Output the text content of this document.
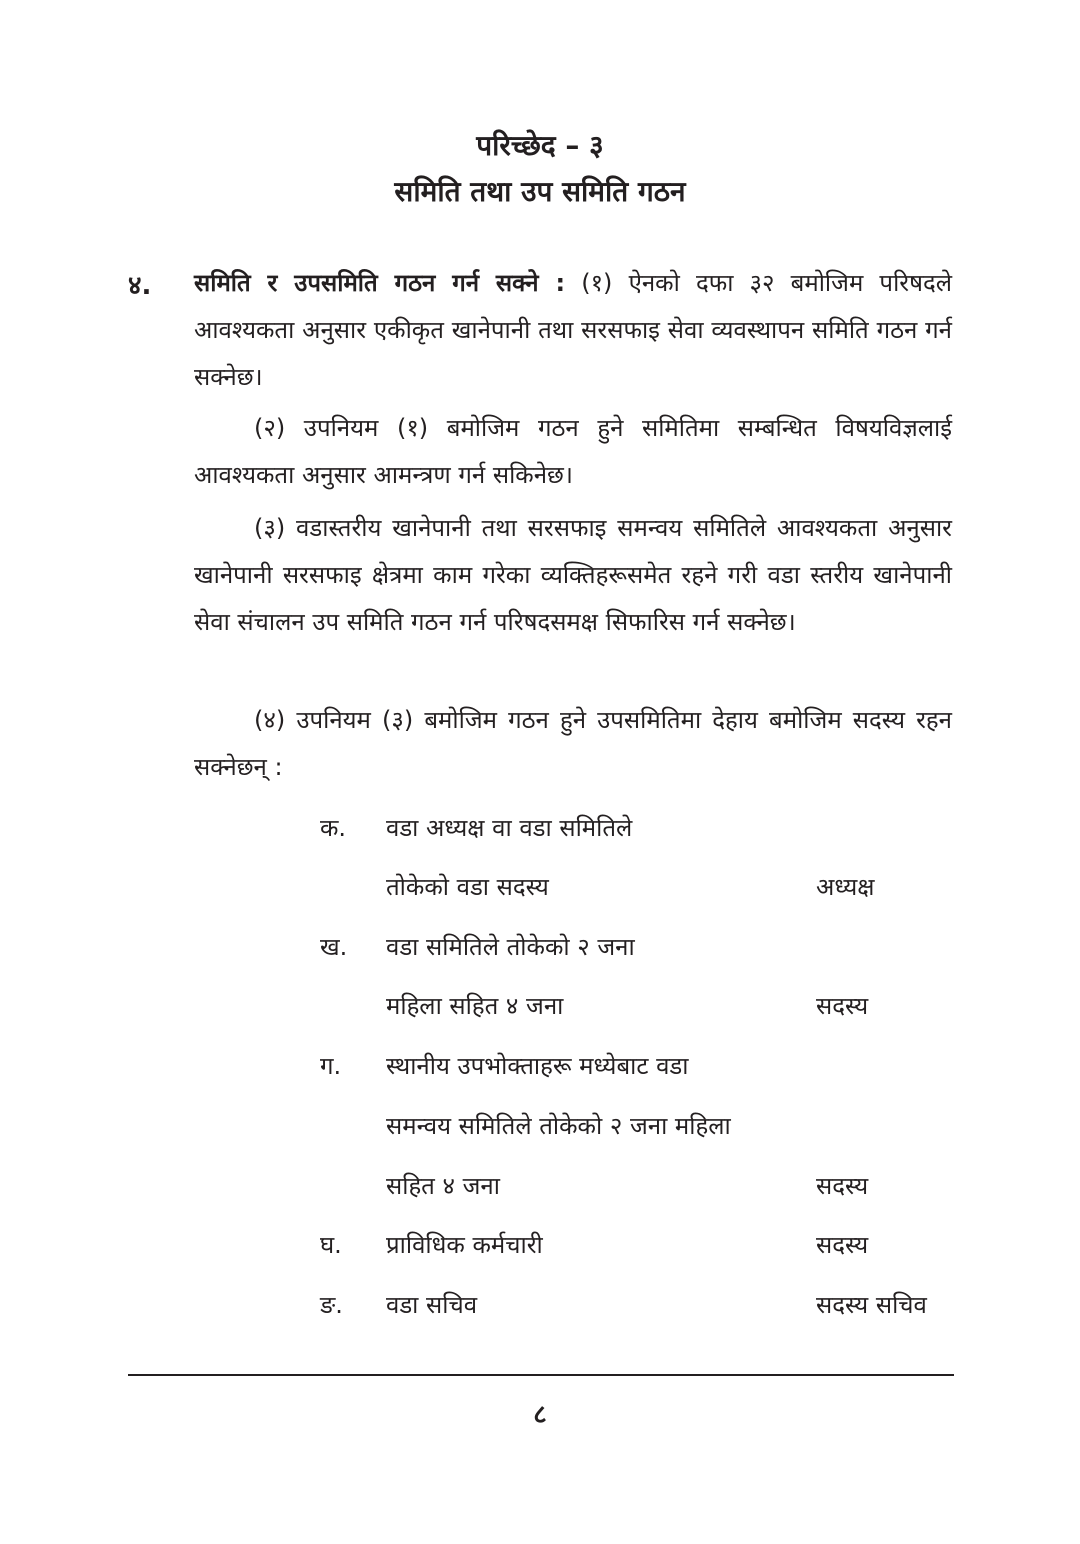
परिच्छेद – ३
समिति तथा उप समिति गठन
४. समिति र उपसमिति गठन गर्न सक्ने : (१) ऐनको दफा ३२ बमोजिम परिषदले आवश्यकता अनुसार एकीकृत खानेपानी तथा सरसफाइ सेवा व्यवस्थापन समिति गठन गर्न सक्नेछ।
(२) उपनियम (१) बमोजिम गठन हुने समितिमा सम्बन्धित विषयविज्ञलाई आवश्यकता अनुसार आमन्त्रण गर्न सकिनेछ।
(३) वडास्तरीय खानेपानी तथा सरसफाइ समन्वय समितिले आवश्यकता अनुसार खानेपानी सरसफाइ क्षेत्रमा काम गरेका व्यक्तिहरूसमेत रहने गरी वडा स्तरीय खानेपानी सेवा संचालन उप समिति गठन गर्न परिषदसमक्ष सिफारिस गर्न सक्नेछ।
(४) उपनियम (३) बमोजिम गठन हुने उपसमितिमा देहाय बमोजिम सदस्य रहन सक्नेछन् :
क. वडा अध्यक्ष वा वडा समितिले
तोकेको वडा सदस्य	अध्यक्ष
ख. वडा समितिले तोकेको २ जना
महिला सहित ४ जना	सदस्य
ग. स्थानीय उपभोक्ताहरू मध्येबाट वडा
समन्वय समितिले तोकेको २ जना महिला
सहित ४ जना	सदस्य
घ. प्राविधिक कर्मचारी	सदस्य
ङ. वडा सचिव	सदस्य सचिव
८
